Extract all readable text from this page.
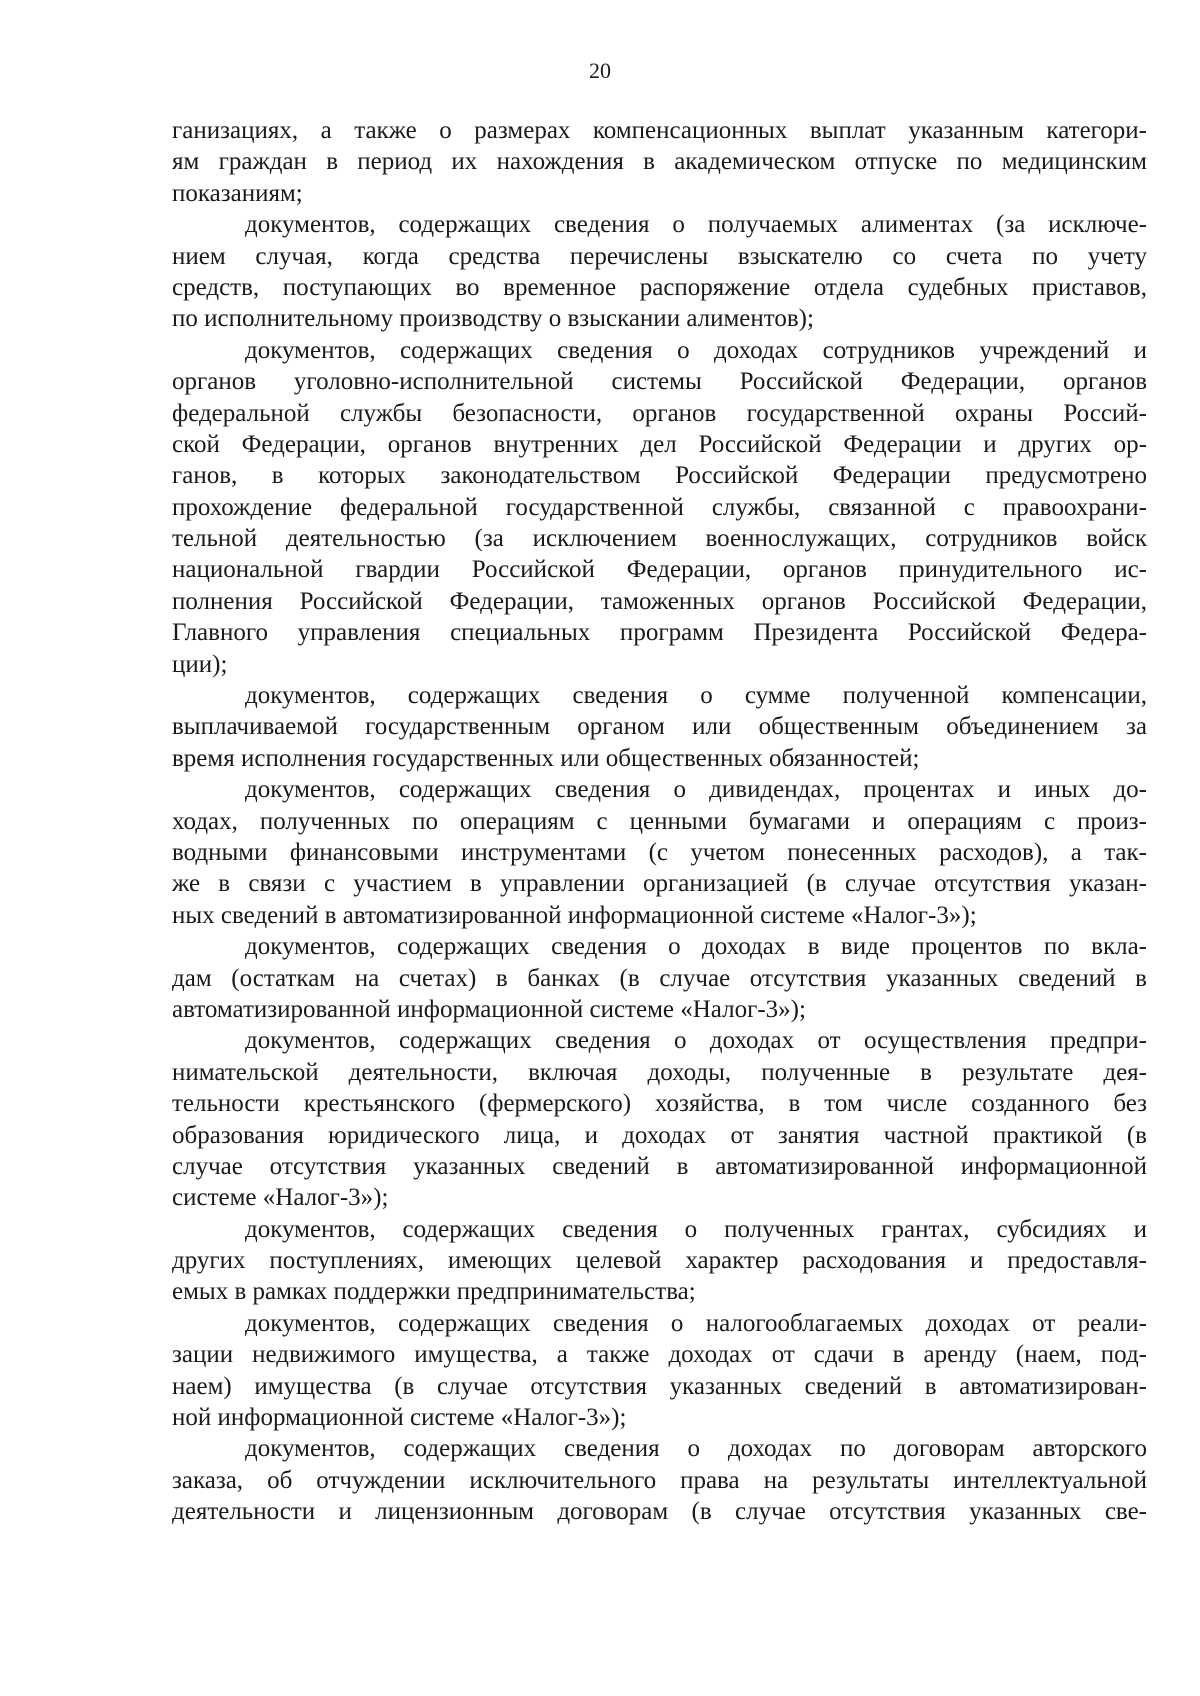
20
ганизациях, а также о размерах компенсационных выплат указанным категори-
ям граждан в период их нахождения в академическом отпуске по медицинским
показаниям;
документов, содержащих сведения о получаемых алиментах (за исключе-
нием случая, когда средства перечислены взыскателю со счета по учету
средств, поступающих во временное распоряжение отдела судебных приставов,
по исполнительному производству о взыскании алиментов);
документов, содержащих сведения о доходах сотрудников учреждений и
органов уголовно-исполнительной системы Российской Федерации, органов
федеральной службы безопасности, органов государственной охраны Россий-
ской Федерации, органов внутренних дел Российской Федерации и других ор-
ганов, в которых законодательством Российской Федерации предусмотрено
прохождение федеральной государственной службы, связанной с правоохрани-
тельной деятельностью (за исключением военнослужащих, сотрудников войск
национальной гвардии Российской Федерации, органов принудительного ис-
полнения Российской Федерации, таможенных органов Российской Федерации,
Главного управления специальных программ Президента Российской Федера-
ции);
документов, содержащих сведения о сумме полученной компенсации,
выплачиваемой государственным органом или общественным объединением за
время исполнения государственных или общественных обязанностей;
документов, содержащих сведения о дивидендах, процентах и иных до-
ходах, полученных по операциям с ценными бумагами и операциям с произ-
водными финансовыми инструментами (с учетом понесенных расходов), а так-
же в связи с участием в управлении организацией (в случае отсутствия указан-
ных сведений в автоматизированной информационной системе «Налог-3»);
документов, содержащих сведения о доходах в виде процентов по вкла-
дам (остаткам на счетах) в банках (в случае отсутствия указанных сведений в
автоматизированной информационной системе «Налог-3»);
документов, содержащих сведения о доходах от осуществления предпри-
нимательской деятельности, включая доходы, полученные в результате дея-
тельности крестьянского (фермерского) хозяйства, в том числе созданного без
образования юридического лица, и доходах от занятия частной практикой (в
случае отсутствия указанных сведений в автоматизированной информационной
системе «Налог-3»);
документов, содержащих сведения о полученных грантах, субсидиях и
других поступлениях, имеющих целевой характер расходования и предоставля-
емых в рамках поддержки предпринимательства;
документов, содержащих сведения о налогооблагаемых доходах от реали-
зации недвижимого имущества, а также доходах от сдачи в аренду (наем, под-
наем) имущества (в случае отсутствия указанных сведений в автоматизирован-
ной информационной системе «Налог-3»);
документов, содержащих сведения о доходах по договорам авторского
заказа, об отчуждении исключительного права на результаты интеллектуальной
деятельности и лицензионным договорам (в случае отсутствия указанных све-
